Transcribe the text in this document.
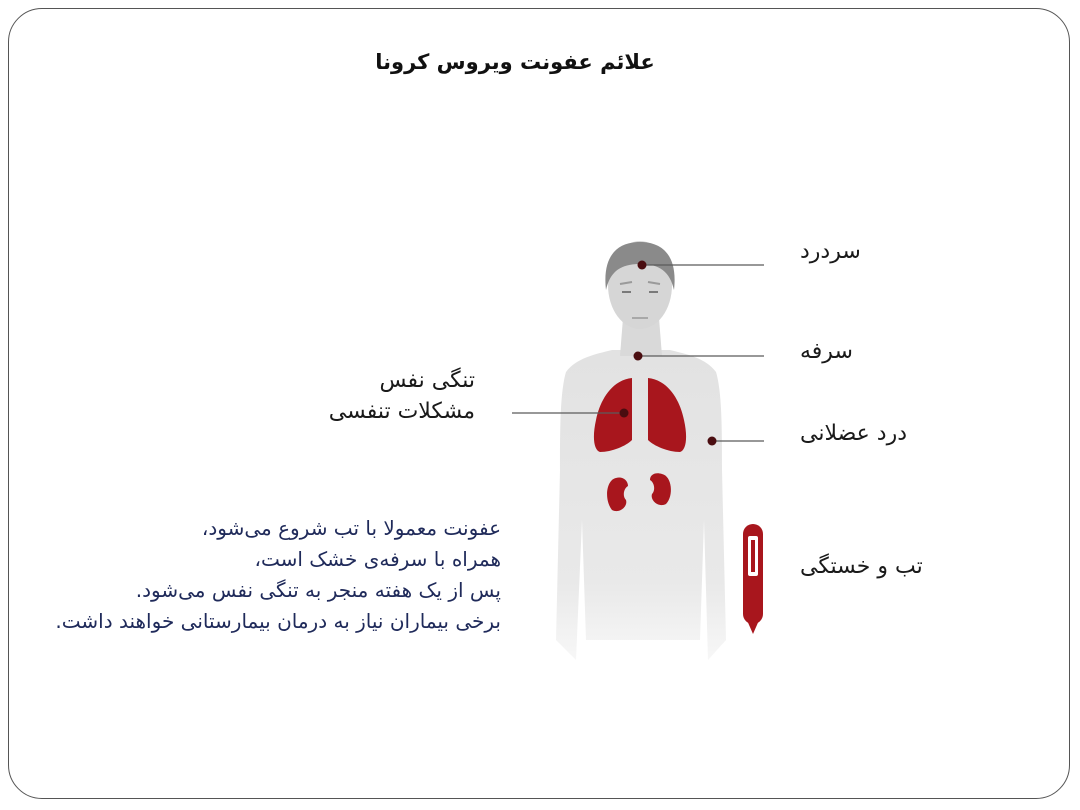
علائم عفونت ویروس کرونا
سردرد
سرفه
درد عضلانی
تب و خستگی
تنگی نفس
مشکلات تنفسی

عفونت معمولا با تب شروع می‌شود،

همراه با سرفه‌ی خشک است،

پس از یک هفته منجر به تنگی نفس می‌شود.

برخی بیماران نیاز به درمان بیمارستانی خواهند داشت.
